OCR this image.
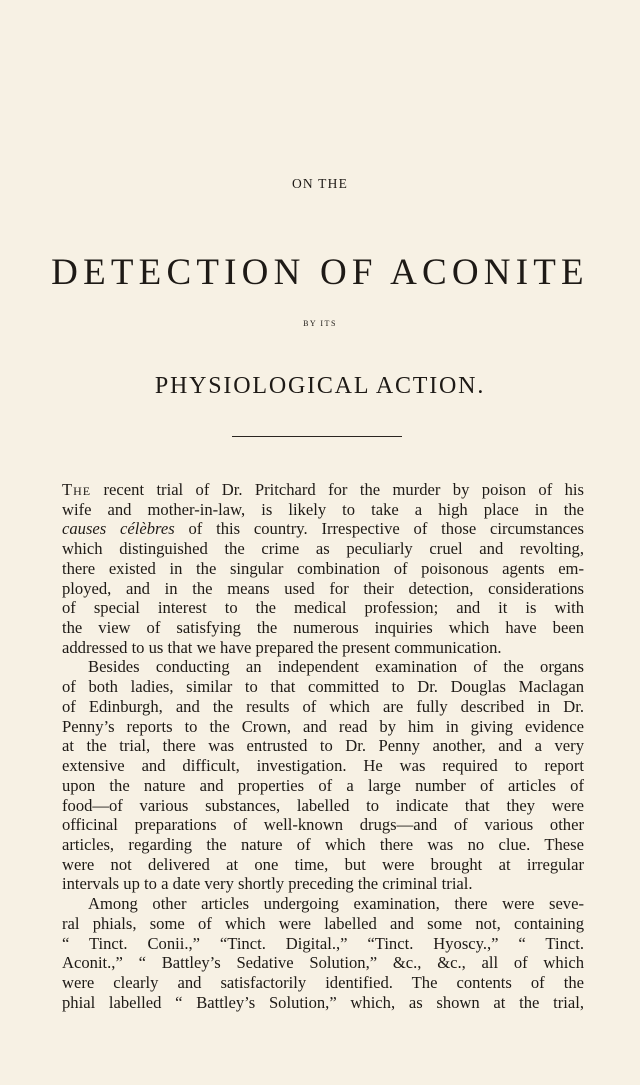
ON THE
DETECTION OF ACONITE
BY ITS
PHYSIOLOGICAL ACTION.
The recent trial of Dr. Pritchard for the murder by poison of his
wife and mother-in-law, is likely to take a high place in the
causes célèbres of this country. Irrespective of those circumstances
which distinguished the crime as peculiarly cruel and revolting,
there existed in the singular combination of poisonous agents em-
ployed, and in the means used for their detection, considerations
of special interest to the medical profession; and it is with
the view of satisfying the numerous inquiries which have been
addressed to us that we have prepared the present communication.
Besides conducting an independent examination of the organs
of both ladies, similar to that committed to Dr. Douglas Maclagan
of Edinburgh, and the results of which are fully described in Dr.
Penny’s reports to the Crown, and read by him in giving evidence
at the trial, there was entrusted to Dr. Penny another, and a very
extensive and difficult, investigation. He was required to report
upon the nature and properties of a large number of articles of
food—of various substances, labelled to indicate that they were
officinal preparations of well-known drugs—and of various other
articles, regarding the nature of which there was no clue. These
were not delivered at one time, but were brought at irregular
intervals up to a date very shortly preceding the criminal trial.
Among other articles undergoing examination, there were seve-
ral phials, some of which were labelled and some not, containing
“ Tinct. Conii.,” “Tinct. Digital.,” “Tinct. Hyoscy.,” “ Tinct.
Aconit.,” “ Battley’s Sedative Solution,” &c., &c., all of which
were clearly and satisfactorily identified. The contents of the
phial labelled “ Battley’s Solution,” which, as shown at the trial,
